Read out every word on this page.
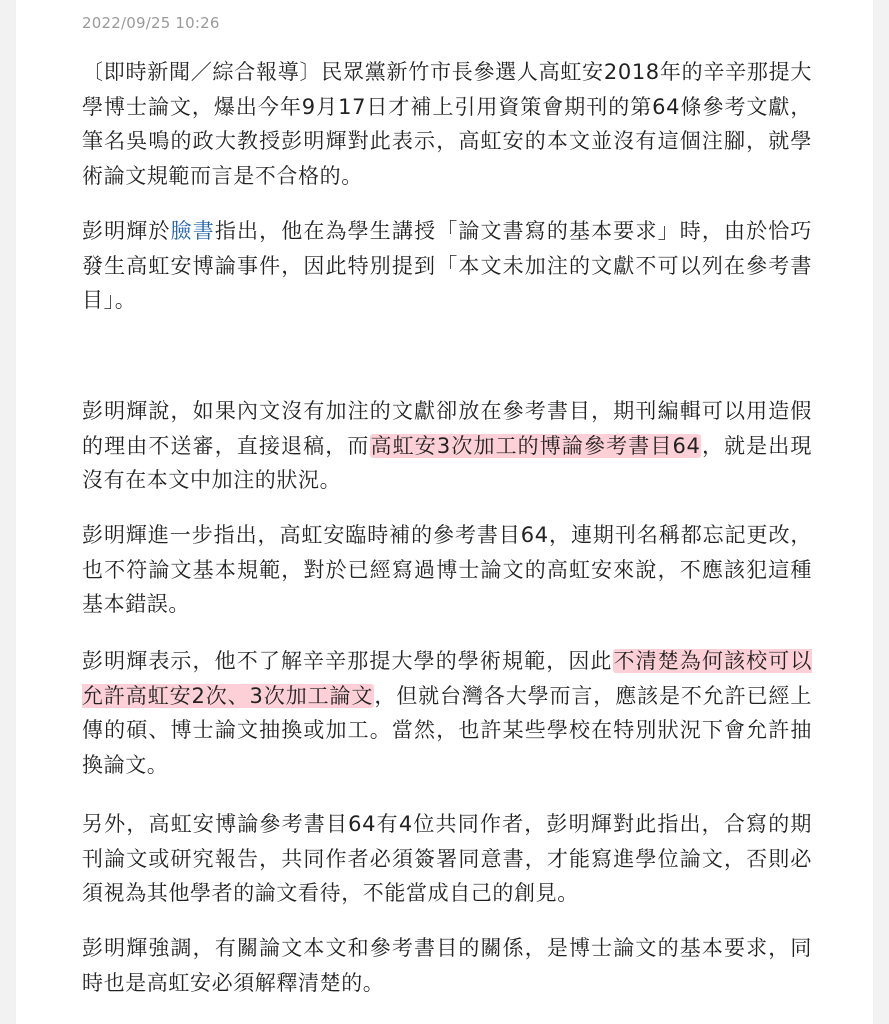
2022/09/25 10:26

〔即時新聞／綜合報導〕民眾黨新竹市長參選人高虹安2018年的辛辛那提大學博士論文，爆出今年9月17日才補上引用資策會期刊的第64條參考文獻，筆名吳鳴的政大教授彭明輝對此表示，高虹安的本文並沒有這個注腳，就學術論文規範而言是不合格的。

彭明輝於臉書指出，他在為學生講授「論文書寫的基本要求」時，由於恰巧發生高虹安博論事件，因此特別提到「本文未加注的文獻不可以列在參考書目」。

彭明輝說，如果內文沒有加注的文獻卻放在參考書目，期刊編輯可以用造假的理由不送審，直接退稿，而高虹安3次加工的博論參考書目64，就是出現沒有在本文中加注的狀況。

彭明輝進一步指出，高虹安臨時補的參考書目64，連期刊名稱都忘記更改，也不符論文基本規範，對於已經寫過博士論文的高虹安來說，不應該犯這種基本錯誤。

彭明輝表示，他不了解辛辛那提大學的學術規範，因此不清楚為何該校可以允許高虹安2次、3次加工論文，但就台灣各大學而言，應該是不允許已經上傳的碩、博士論文抽換或加工。當然，也許某些學校在特別狀況下會允許抽換論文。

另外，高虹安博論參考書目64有4位共同作者，彭明輝對此指出，合寫的期刊論文或研究報告，共同作者必須簽署同意書，才能寫進學位論文，否則必須視為其他學者的論文看待，不能當成自己的創見。

彭明輝強調，有關論文本文和參考書目的關係，是博士論文的基本要求，同時也是高虹安必須解釋清楚的。
